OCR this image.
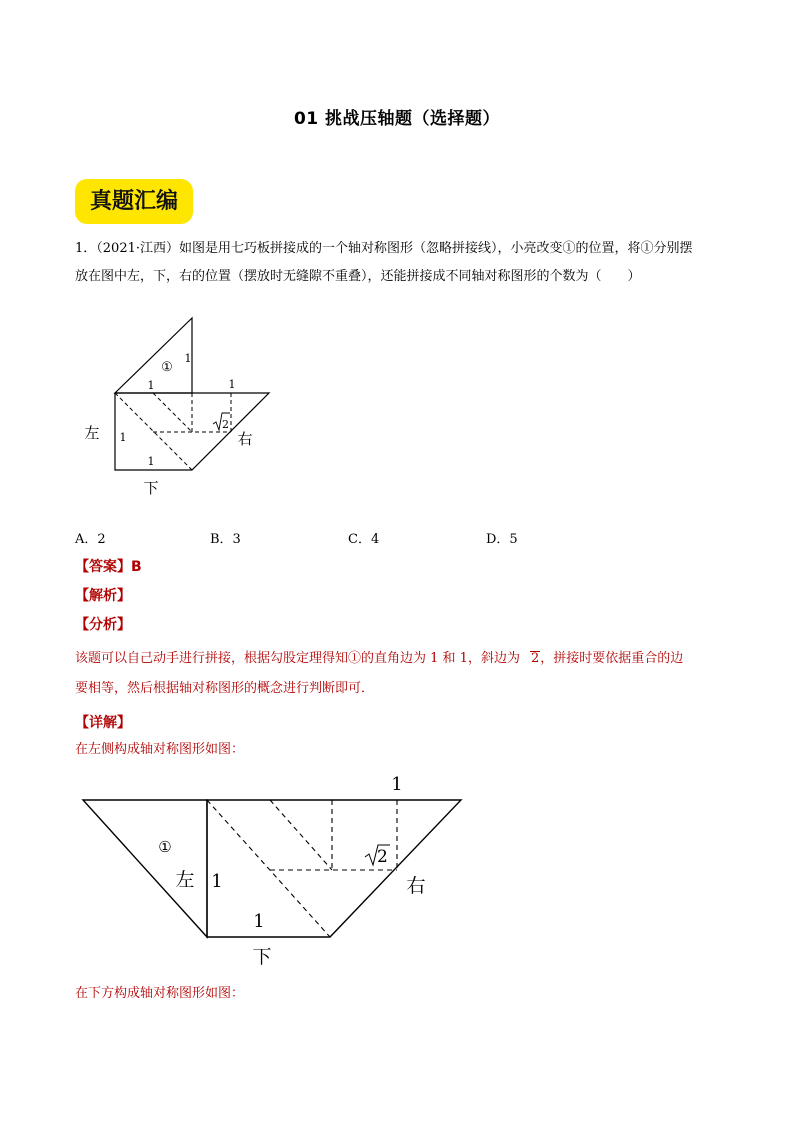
01 挑战压轴题（选择题）
真题汇编
1．（2021·江西）如图是用七巧板拼接成的一个轴对称图形（忽略拼接线），小亮改变①的位置，将①分别摆
放在图中左，下，右的位置（摆放时无缝隙不重叠），还能拼接成不同轴对称图形的个数为（　　）
①
1
1	1
1
1
2
左	右
下
A．2	B．3	C．4	D．5
【答案】B
【解析】
【分析】
该题可以自己动手进行拼接，根据勾股定理得知①的直角边为 1 和 1，斜边为 2，拼接时要依据重合的边
要相等，然后根据轴对称图形的概念进行判断即可．
【详解】
在左侧构成轴对称图形如图：
①
左 1
1
1
2
右
下
在下方构成轴对称图形如图：
